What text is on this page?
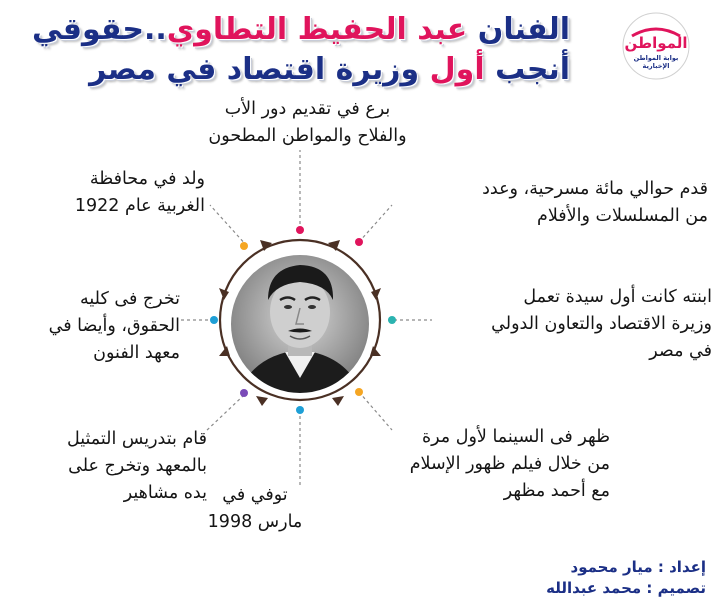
الفنان عبد الحفيظ التطاوي..حقوقي
أنجب أول وزيرة اقتصاد في مصر
المواطن
بوابة المواطن
الإخبارية
برع في تقديم دور الأب
والفلاح والمواطن المطحون
قدم حوالي مائة مسرحية، وعدد
من المسلسلات والأفلام
ولد في محافظة
الغربية عام 1922
ابنته كانت أول سيدة تعمل
وزيرة الاقتصاد والتعاون الدولي
في مصر
تخرج فى كليه
الحقوق، وأيضا في
معهد الفنون
ظهر فى السينما لأول مرة
من خلال فيلم ظهور الإسلام
مع أحمد مظهر
قام بتدريس التمثيل
بالمعهد وتخرج على
يده مشاهير	توفي في
مارس 1998
إعداد : ميار محمود
تصميم : محمد عبدالله
